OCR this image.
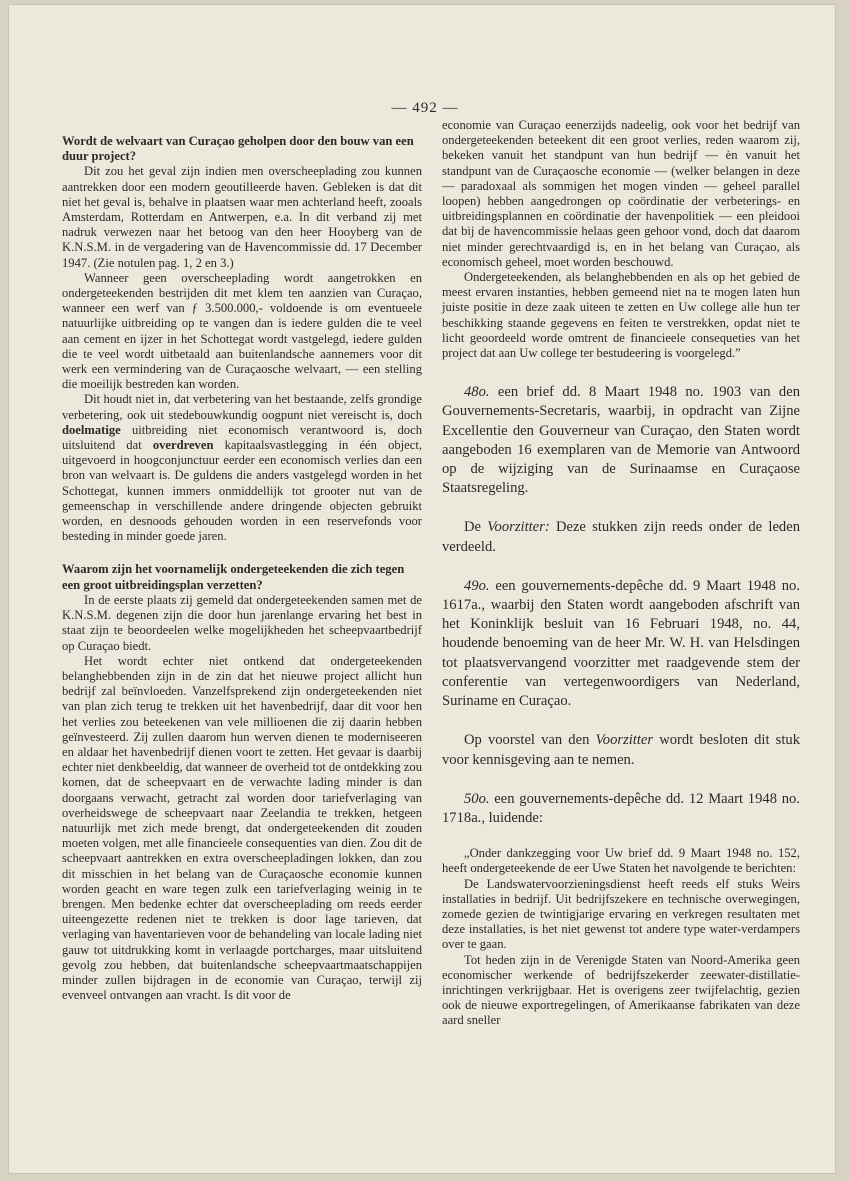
— 492 —
Wordt de welvaart van Curaçao geholpen door den bouw van een duur project?

Dit zou het geval zijn indien men overscheeplading zou kunnen aantrekken door een modern geoutilleerde haven. Gebleken is dat dit niet het geval is, behalve in plaatsen waar men achterland heeft, zooals Amsterdam, Rotterdam en Antwerpen, e.a. In dit verband zij met nadruk verwezen naar het betoog van den heer Hooyberg van de K.N.S.M. in de vergadering van de Havencommissie dd. 17 December 1947. (Zie notulen pag. 1, 2 en 3.)

Wanneer geen overscheeplading wordt aangetrokken en ondergeteekenden bestrijden dit met klem ten aanzien van Curaçao, wanneer een werf van ƒ 3.500.000,- voldoende is om eventueele natuurlijke uitbreiding op te vangen dan is iedere gulden die te veel aan cement en ijzer in het Schottegat wordt vastgelegd, iedere gulden die te veel wordt uitbetaald aan buitenlandsche aannemers voor dit werk een vermindering van de Curaçaosche welvaart, — een stelling die moeilijk bestreden kan worden.

Dit houdt niet in, dat verbetering van het bestaande, zelfs grondige verbetering, ook uit stedebouwkundig oogpunt niet vereischt is, doch doelmatige uitbreiding niet economisch verantwoord is, doch uitsluitend dat overdreven kapitaalsvastlegging in één object, uitgevoerd in hoogconjunctuur eerder een economisch verlies dan een bron van welvaart is. De guldens die anders vastgelegd worden in het Schottegat, kunnen immers onmiddellijk tot grooter nut van de gemeenschap in verschillende andere dringende objecten gebruikt worden, en desnoods gehouden worden in een reservefonds voor besteding in minder goede jaren.

Waarom zijn het voornamelijk ondergeteekenden die zich tegen een groot uitbreidingsplan verzetten?

In de eerste plaats zij gemeld dat ondergeteekenden samen met de K.N.S.M. degenen zijn die door hun jarenlange ervaring het best in staat zijn te beoordeelen welke mogelijkheden het scheepvaartbedrijf op Curaçao biedt.

Het wordt echter niet ontkend dat ondergeteekenden belanghebbenden zijn in de zin dat het nieuwe project allicht hun bedrijf zal beïnvloeden. Vanzelfsprekend zijn ondergeteekenden niet van plan zich terug te trekken uit het havenbedrijf, daar dit voor hen het verlies zou beteekenen van vele millioenen die zij daarin hebben geïnvesteerd. Zij zullen daarom hun werven dienen te moderniseeren en aldaar het havenbedrijf dienen voort te zetten. Het gevaar is daarbij echter niet denkbeeldig, dat wanneer de overheid tot de ontdekking zou komen, dat de scheepvaart en de verwachte lading minder is dan doorgaans verwacht, getracht zal worden door tariefverlaging van overheidswege de scheepvaart naar Zeelandia te trekken, hetgeen natuurlijk met zich mede brengt, dat ondergeteekenden dit zouden moeten volgen, met alle financieele consequenties van dien. Zou dit de scheepvaart aantrekken en extra overscheepladingen lokken, dan zou dit misschien in het belang van de Curaçaosche economie kunnen worden geacht en ware tegen zulk een tariefverlaging weinig in te brengen. Men bedenke echter dat overscheeplading om reeds eerder uiteengezette redenen niet te trekken is door lage tarieven, dat verlaging van haventarieven voor de behandeling van locale lading niet gauw tot uitdrukking komt in verlaagde portcharges, maar uitsluitend gevolg zou hebben, dat buitenlandsche scheepvaartmaatschappijen minder zullen bijdragen in de economie van Curaçao, terwijl zij evenveel ontvangen aan vracht. Is dit voor de

economie van Curaçao eenerzijds nadeelig, ook voor het bedrijf van ondergeteekenden beteekent dit een groot verlies, reden waarom zij, bekeken vanuit het standpunt van hun bedrijf — èn vanuit het standpunt van de Curaçaosche economie — (welker belangen in deze — paradoxaal als sommigen het mogen vinden — geheel parallel loopen) hebben aangedrongen op coördinatie der verbeterings- en uitbreidingsplannen en coördinatie der havenpolitiek — een pleidooi dat bij de havencommissie helaas geen gehoor vond, doch dat daarom niet minder gerechtvaardigd is, en in het belang van Curaçao, als economisch geheel, moet worden beschouwd.

Ondergeteekenden, als belanghebbenden en als op het gebied de meest ervaren instanties, hebben gemeend niet na te mogen laten hun juiste positie in deze zaak uiteen te zetten en Uw college alle hun ter beschikking staande gegevens en feiten te verstrekken, opdat niet te licht geoordeeld worde omtrent de financieele consequeties van het project dat aan Uw college ter bestudeering is voorgelegd.”

48o. een brief dd. 8 Maart 1948 no. 1903 van den Gouvernements-Secretaris, waarbij, in opdracht van Zijne Excellentie den Gouverneur van Curaçao, den Staten wordt aangeboden 16 exemplaren van de Memorie van Antwoord op de wijziging van de Surinaamse en Curaçaose Staatsregeling.

De Voorzitter: Deze stukken zijn reeds onder de leden verdeeld.

49o. een gouvernements-depêche dd. 9 Maart 1948 no. 1617a., waarbij den Staten wordt aangeboden afschrift van het Koninklijk besluit van 16 Februari 1948, no. 44, houdende benoeming van de heer Mr. W. H. van Helsdingen tot plaatsvervangend voorzitter met raadgevende stem der conferentie van vertegenwoordigers van Nederland, Suriname en Curaçao.

Op voorstel van den Voorzitter wordt besloten dit stuk voor kennisgeving aan te nemen.

50o. een gouvernements-depêche dd. 12 Maart 1948 no. 1718a., luidende:

„Onder dankzegging voor Uw brief dd. 9 Maart 1948 no. 152, heeft ondergeteekende de eer Uwe Staten het navolgende te berichten:

De Landswatervoorzieningsdienst heeft reeds elf stuks Weirs installaties in bedrijf. Uit bedrijfszekere en technische overwegingen, zomede gezien de twintigjarige ervaring en verkregen resultaten met deze installaties, is het niet gewenst tot andere type water-verdampers over te gaan.

Tot heden zijn in de Verenigde Staten van Noord-Amerika geen economischer werkende of bedrijfszekerder zeewater-distillatie-inrichtingen verkrijgbaar. Het is overigens zeer twijfelachtig, gezien ook de nieuwe exportregelingen, of Amerikaanse fabrikaten van deze aard sneller
